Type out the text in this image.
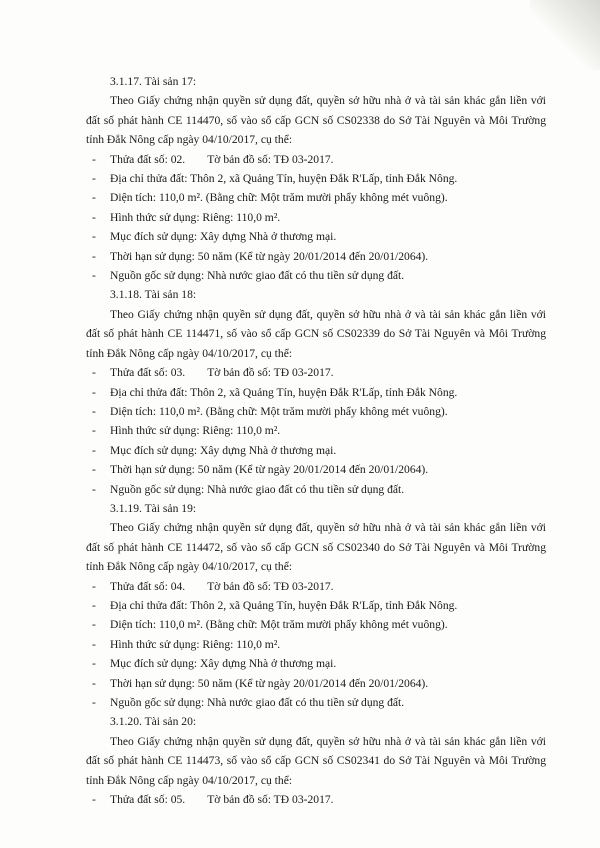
3.1.17. Tài sản 17:
Theo Giấy chứng nhận quyền sử dụng đất, quyền sở hữu nhà ở và tài sản khác gắn liền với đất số phát hành CE 114470, số vào sổ cấp GCN số CS02338 do Sở Tài Nguyên và Môi Trường tỉnh Đắk Nông cấp ngày 04/10/2017, cụ thể:
- Thửa đất số: 02. Tờ bản đồ số: TĐ 03-2017.
- Địa chỉ thửa đất: Thôn 2, xã Quảng Tín, huyện Đắk R'Lấp, tỉnh Đắk Nông.
- Diện tích: 110,0 m². (Bằng chữ: Một trăm mười phẩy không mét vuông).
- Hình thức sử dụng: Riêng: 110,0 m².
- Mục đích sử dụng: Xây dựng Nhà ở thương mại.
- Thời hạn sử dụng: 50 năm (Kể từ ngày 20/01/2014 đến 20/01/2064).
- Nguồn gốc sử dụng: Nhà nước giao đất có thu tiền sử dụng đất.
3.1.18. Tài sản 18:
Theo Giấy chứng nhận quyền sử dụng đất, quyền sở hữu nhà ở và tài sản khác gắn liền với đất số phát hành CE 114471, số vào sổ cấp GCN số CS02339 do Sở Tài Nguyên và Môi Trường tỉnh Đắk Nông cấp ngày 04/10/2017, cụ thể:
- Thửa đất số: 03. Tờ bản đồ số: TĐ 03-2017.
- Địa chỉ thửa đất: Thôn 2, xã Quảng Tín, huyện Đắk R'Lấp, tỉnh Đắk Nông.
- Diện tích: 110,0 m². (Bằng chữ: Một trăm mười phẩy không mét vuông).
- Hình thức sử dụng: Riêng: 110,0 m².
- Mục đích sử dụng: Xây dựng Nhà ở thương mại.
- Thời hạn sử dụng: 50 năm (Kể từ ngày 20/01/2014 đến 20/01/2064).
- Nguồn gốc sử dụng: Nhà nước giao đất có thu tiền sử dụng đất.
3.1.19. Tài sản 19:
Theo Giấy chứng nhận quyền sử dụng đất, quyền sở hữu nhà ở và tài sản khác gắn liền với đất số phát hành CE 114472, số vào sổ cấp GCN số CS02340 do Sở Tài Nguyên và Môi Trường tỉnh Đắk Nông cấp ngày 04/10/2017, cụ thể:
- Thửa đất số: 04. Tờ bản đồ số: TĐ 03-2017.
- Địa chỉ thửa đất: Thôn 2, xã Quảng Tín, huyện Đắk R'Lấp, tỉnh Đắk Nông.
- Diện tích: 110,0 m². (Bằng chữ: Một trăm mười phẩy không mét vuông).
- Hình thức sử dụng: Riêng: 110,0 m².
- Mục đích sử dụng: Xây dựng Nhà ở thương mại.
- Thời hạn sử dụng: 50 năm (Kể từ ngày 20/01/2014 đến 20/01/2064).
- Nguồn gốc sử dụng: Nhà nước giao đất có thu tiền sử dụng đất.
3.1.20. Tài sản 20:
Theo Giấy chứng nhận quyền sử dụng đất, quyền sở hữu nhà ở và tài sản khác gắn liền với đất số phát hành CE 114473, số vào sổ cấp GCN số CS02341 do Sở Tài Nguyên và Môi Trường tỉnh Đắk Nông cấp ngày 04/10/2017, cụ thể:
- Thửa đất số: 05. Tờ bản đồ số: TĐ 03-2017.
